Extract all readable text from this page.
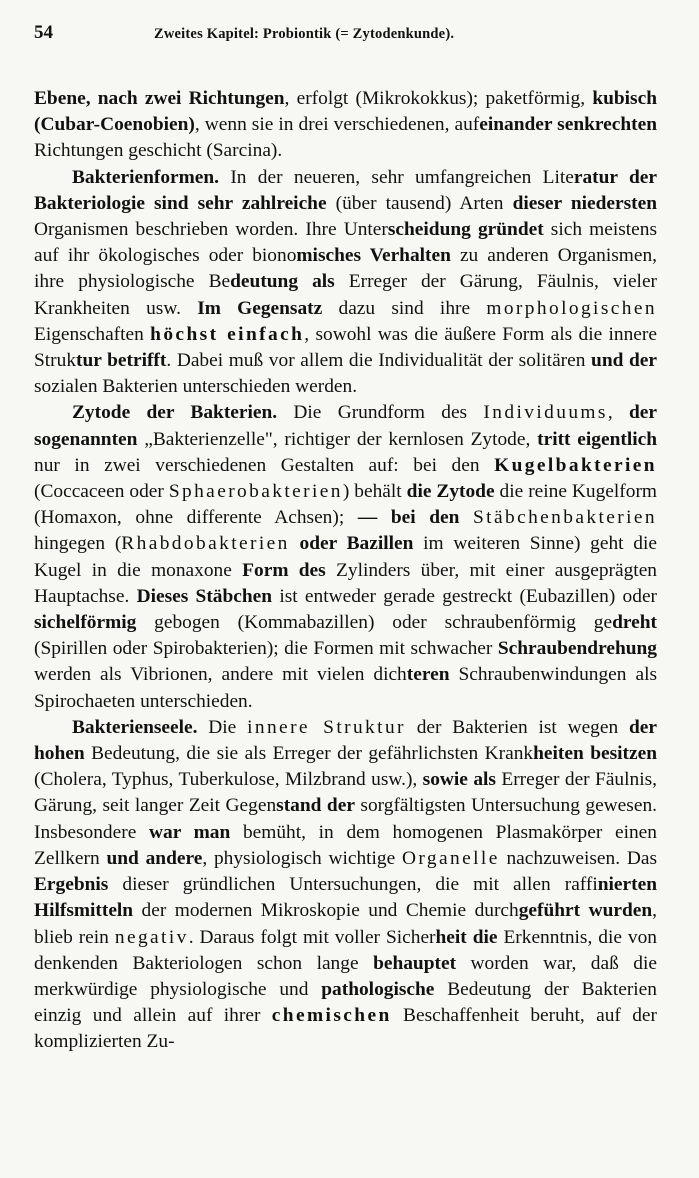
54	Zweites Kapitel: Probiontik (= Zytodenkunde).

Ebene, nach zwei Richtungen, erfolgt (Mikrokokkus); paketförmig, kubisch (Cubar-Coenobien), wenn sie in drei verschiedenen, aufeinander senkrechten Richtungen geschicht (Sarcina).

Bakterienformen. In der neueren, sehr umfangreichen Literatur der Bakteriologie sind sehr zahlreiche (über tausend) Arten dieser niedersten Organismen beschrieben worden. Ihre Unterscheidung gründet sich meistens auf ihr ökologisches oder bionomisches Verhalten zu anderen Organismen, ihre physiologische Bedeutung als Erreger der Gärung, Fäulnis, vieler Krankheiten usw. Im Gegensatz dazu sind ihre morphologischen Eigenschaften höchst einfach, sowohl was die äußere Form als die innere Struktur betrifft. Dabei muß vor allem die Individualität der solitären und der sozialen Bakterien unterschieden werden.

Zytode der Bakterien. Die Grundform des Individuums, der sogenannten „Bakterienzelle", richtiger der kernlosen Zytode, tritt eigentlich nur in zwei verschiedenen Gestalten auf: bei den Kugelbakterien (Coccaceen oder Sphaerobakterien) behält die Zytode die reine Kugelform (Homaxon, ohne differente Achsen); — bei den Stäbchenbakterien hingegen (Rhabdobakterien oder Bazillen im weiteren Sinne) geht die Kugel in die monaxone Form des Zylinders über, mit einer ausgeprägten Hauptachse. Dieses Stäbchen ist entweder gerade gestreckt (Eubazillen) oder sichelförmig gebogen (Kommabazillen) oder schraubenförmig gedreht (Spirillen oder Spirobakterien); die Formen mit schwacher Schraubendrehung werden als Vibrionen, andere mit vielen dichteren Schraubenwindungen als Spirochaeten unterschieden.

Bakterienseele. Die innere Struktur der Bakterien ist wegen der hohen Bedeutung, die sie als Erreger der gefährlichsten Krankheiten besitzen (Cholera, Typhus, Tuberkulose, Milzbrand usw.), sowie als Erreger der Fäulnis, Gärung, seit langer Zeit Gegenstand der sorgfältigsten Untersuchung gewesen. Insbesondere war man bemüht, in dem homogenen Plasmakörper einen Zellkern und andere, physiologisch wichtige Organelle nachzuweisen. Das Ergebnis dieser gründlichen Untersuchungen, die mit allen raffinierten Hilfsmitteln der modernen Mikroskopie und Chemie durchgeführt wurden, blieb rein negativ. Daraus folgt mit voller Sicherheit die Erkenntnis, die von denkenden Bakteriologen schon lange behauptet worden war, daß die merkwürdige physiologische und pathologische Bedeutung der Bakterien einzig und allein auf ihrer chemischen Beschaffenheit beruht, auf der komplizierten Zu-
